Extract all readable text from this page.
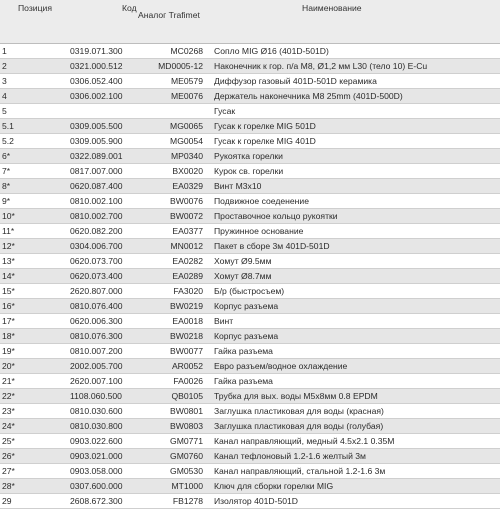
Позиция	Код	Аналог Trafimet	Наименование
1	0319.071.300	MC0268	Сопло MIG Ø16 (401D-501D)
2	0321.000.512	MD0005-12	Наконечник к гор. п/а M8, Ø1,2 мм L30 (тело 10) E-Cu
3	0306.052.400	ME0579	Диффузор газовый 401D-501D керамика
4	0306.002.100	ME0076	Держатель наконечника M8 25mm (401D-500D)
5			Гусак
5.1	0309.005.500	MG0065	Гусак к горелке MIG 501D
5.2	0309.005.900	MG0054	Гусак к горелке MIG 401D
6*	0322.089.001	MP0340	Рукоятка горелки
7*	0817.007.000	BX0020	Курок св. горелки
8*	0620.087.400	EA0329	Винт M3x10
9*	0810.002.100	BW0076	Подвижное соеденение
10*	0810.002.700	BW0072	Проставочное кольцо рукоятки
11*	0620.082.200	EA0377	Пружинное основание
12*	0304.006.700	MN0012	Пакет в сборе 3м 401D-501D
13*	0620.073.700	EA0282	Хомут Ø9.5мм
14*	0620.073.400	EA0289	Хомут Ø8.7мм
15*	2620.807.000	FA3020	Б/р (быстросъем)
16*	0810.076.400	BW0219	Корпус разъема
17*	0620.006.300	EA0018	Винт
18*	0810.076.300	BW0218	Корпус разъема
19*	0810.007.200	BW0077	Гайка разъема
20*	2002.005.700	AR0052	Евро разъем/водное охлаждение
21*	2620.007.100	FA0026	Гайка разъема
22*	1108.060.500	QB0105	Трубка для вых. воды M5x8мм 0.8 EPDM
23*	0810.030.600	BW0801	Заглушка пластиковая для воды (красная)
24*	0810.030.800	BW0803	Заглушка пластиковая для воды (голубая)
25*	0903.022.600	GM0771	Канал направляющий, медный 4.5x2.1 0.35M
26*	0903.021.000	GM0760	Канал тефлоновый 1.2-1.6 желтый 3м
27*	0903.058.000	GM0530	Канал направляющий, стальной 1.2-1.6 3м
28*	0307.600.000	MT1000	Ключ для сборки горелки MIG
29	2608.672.300	FB1278	Изолятор 401D-501D
